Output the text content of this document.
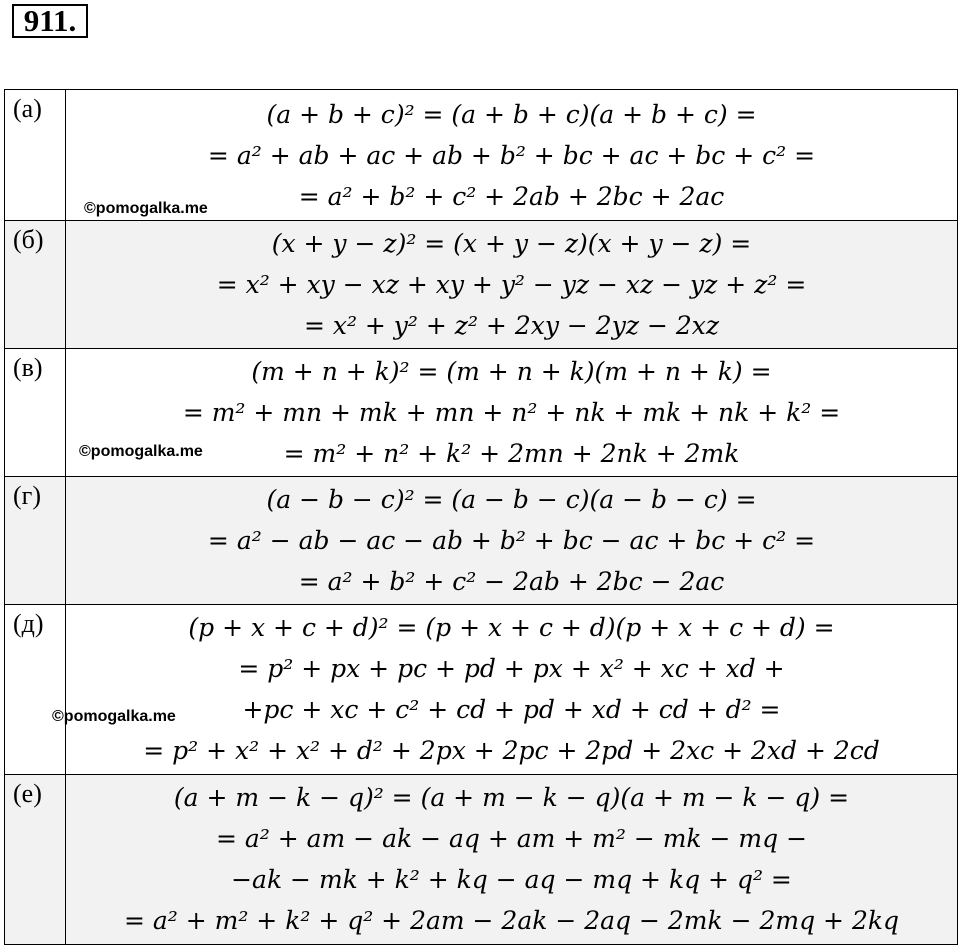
911.
(а)	(a + b + c)² = (a + b + c)(a + b + c) =
= a² + ab + ac + ab + b² + bc + ac + bc + c² =
= a² + b² + c² + 2ab + 2bc + 2ac
©pomogalka.me

(б)	(x + y − z)² = (x + y − z)(x + y − z) =
= x² + xy − xz + xy + y² − yz − xz − yz + z² =
= x² + y² + z² + 2xy − 2yz − 2xz

(в)	(m + n + k)² = (m + n + k)(m + n + k) =
= m² + mn + mk + mn + n² + nk + mk + nk + k² =
= m² + n² + k² + 2mn + 2nk + 2mk
©pomogalka.me

(г)	(a − b − c)² = (a − b − c)(a − b − c) =
= a² − ab − ac − ab + b² + bc − ac + bc + c² =
= a² + b² + c² − 2ab + 2bc − 2ac

(д)	(p + x + c + d)² = (p + x + c + d)(p + x + c + d) =
= p² + px + pc + pd + px + x² + xc + xd +
+pc + xc + c² + cd + pd + xd + cd + d² =
= p² + x² + x² + d² + 2px + 2pc + 2pd + 2xc + 2xd + 2cd
©pomogalka.me

(е)	(a + m − k − q)² = (a + m − k − q)(a + m − k − q) =
= a² + am − ak − aq + am + m² − mk − mq −
−ak − mk + k² + kq − aq − mq + kq + q² =
= a² + m² + k² + q² + 2am − 2ak − 2aq − 2mk − 2mq + 2kq
